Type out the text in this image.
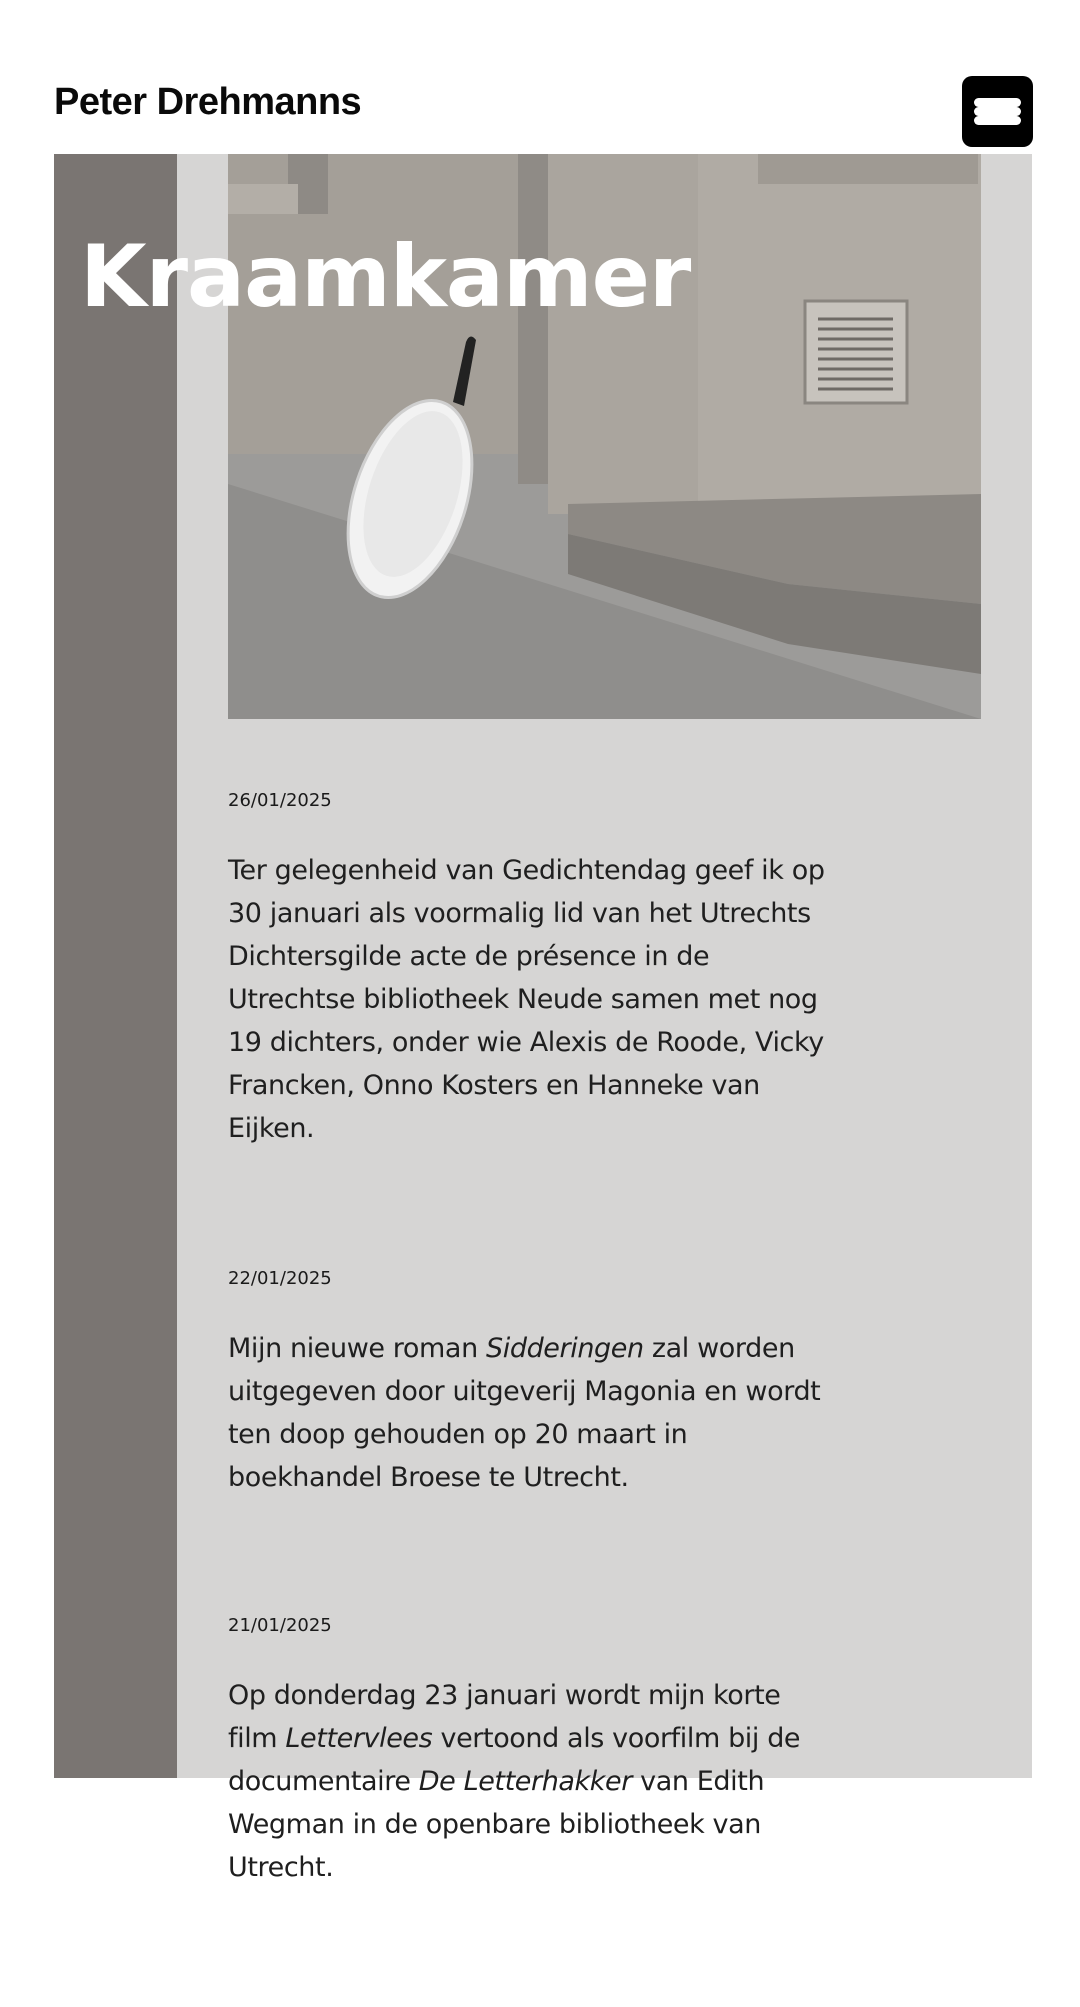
Peter Drehmanns
Kraamkamer

26/01/2025

Ter gelegenheid van Gedichtendag geef ik op 30 januari als voormalig lid van het Utrechts Dichtersgilde acte de présence in de Utrechtse bibliotheek Neude samen met nog 19 dichters, onder wie Alexis de Roode, Vicky Francken, Onno Kosters en Hanneke van Eijken.

22/01/2025

Mijn nieuwe roman Sidderingen zal worden uitgegeven door uitgeverij Magonia en wordt ten doop gehouden op 20 maart in boekhandel Broese te Utrecht.

21/01/2025

Op donderdag 23 januari wordt mijn korte film Lettervlees vertoond als voorfilm bij de documentaire De Letterhakker van Edith Wegman in de openbare bibliotheek van Utrecht.
